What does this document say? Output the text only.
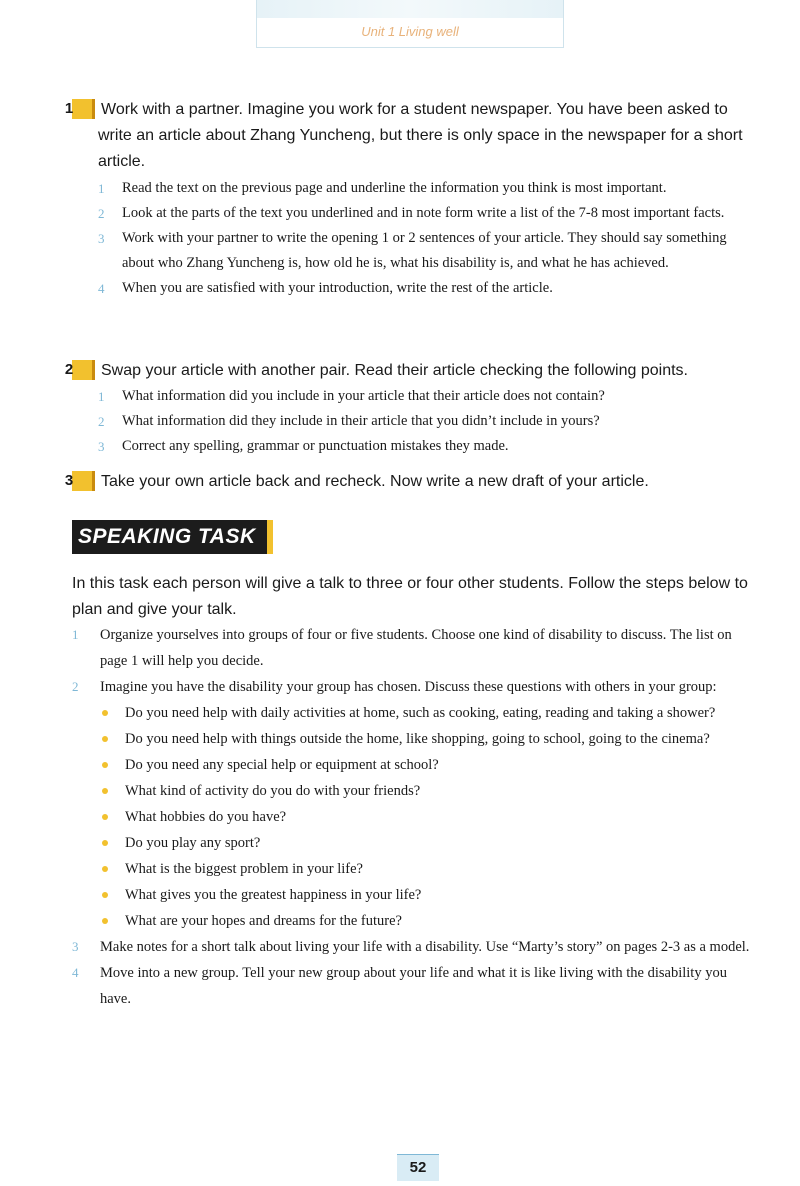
Unit 1 Living well
1 Work with a partner. Imagine you work for a student newspaper. You have been asked to write an article about Zhang Yuncheng, but there is only space in the newspaper for a short article.
1 Read the text on the previous page and underline the information you think is most important.
2 Look at the parts of the text you underlined and in note form write a list of the 7-8 most important facts.
3 Work with your partner to write the opening 1 or 2 sentences of your article. They should say something about who Zhang Yuncheng is, how old he is, what his disability is, and what he has achieved.
4 When you are satisfied with your introduction, write the rest of the article.
2 Swap your article with another pair. Read their article checking the following points.
1 What information did you include in your article that their article does not contain?
2 What information did they include in their article that you didn’t include in yours?
3 Correct any spelling, grammar or punctuation mistakes they made.
3 Take your own article back and recheck. Now write a new draft of your article.
SPEAKING TASK
In this task each person will give a talk to three or four other students. Follow the steps below to plan and give your talk.
1 Organize yourselves into groups of four or five students. Choose one kind of disability to discuss. The list on page 1 will help you decide.
2 Imagine you have the disability your group has chosen. Discuss these questions with others in your group:
Do you need help with daily activities at home, such as cooking, eating, reading and taking a shower?
Do you need help with things outside the home, like shopping, going to school, going to the cinema?
Do you need any special help or equipment at school?
What kind of activity do you do with your friends?
What hobbies do you have?
Do you play any sport?
What is the biggest problem in your life?
What gives you the greatest happiness in your life?
What are your hopes and dreams for the future?
3 Make notes for a short talk about living your life with a disability. Use “Marty’s story” on pages 2-3 as a model.
4 Move into a new group. Tell your new group about your life and what it is like living with the disability you have.
52
